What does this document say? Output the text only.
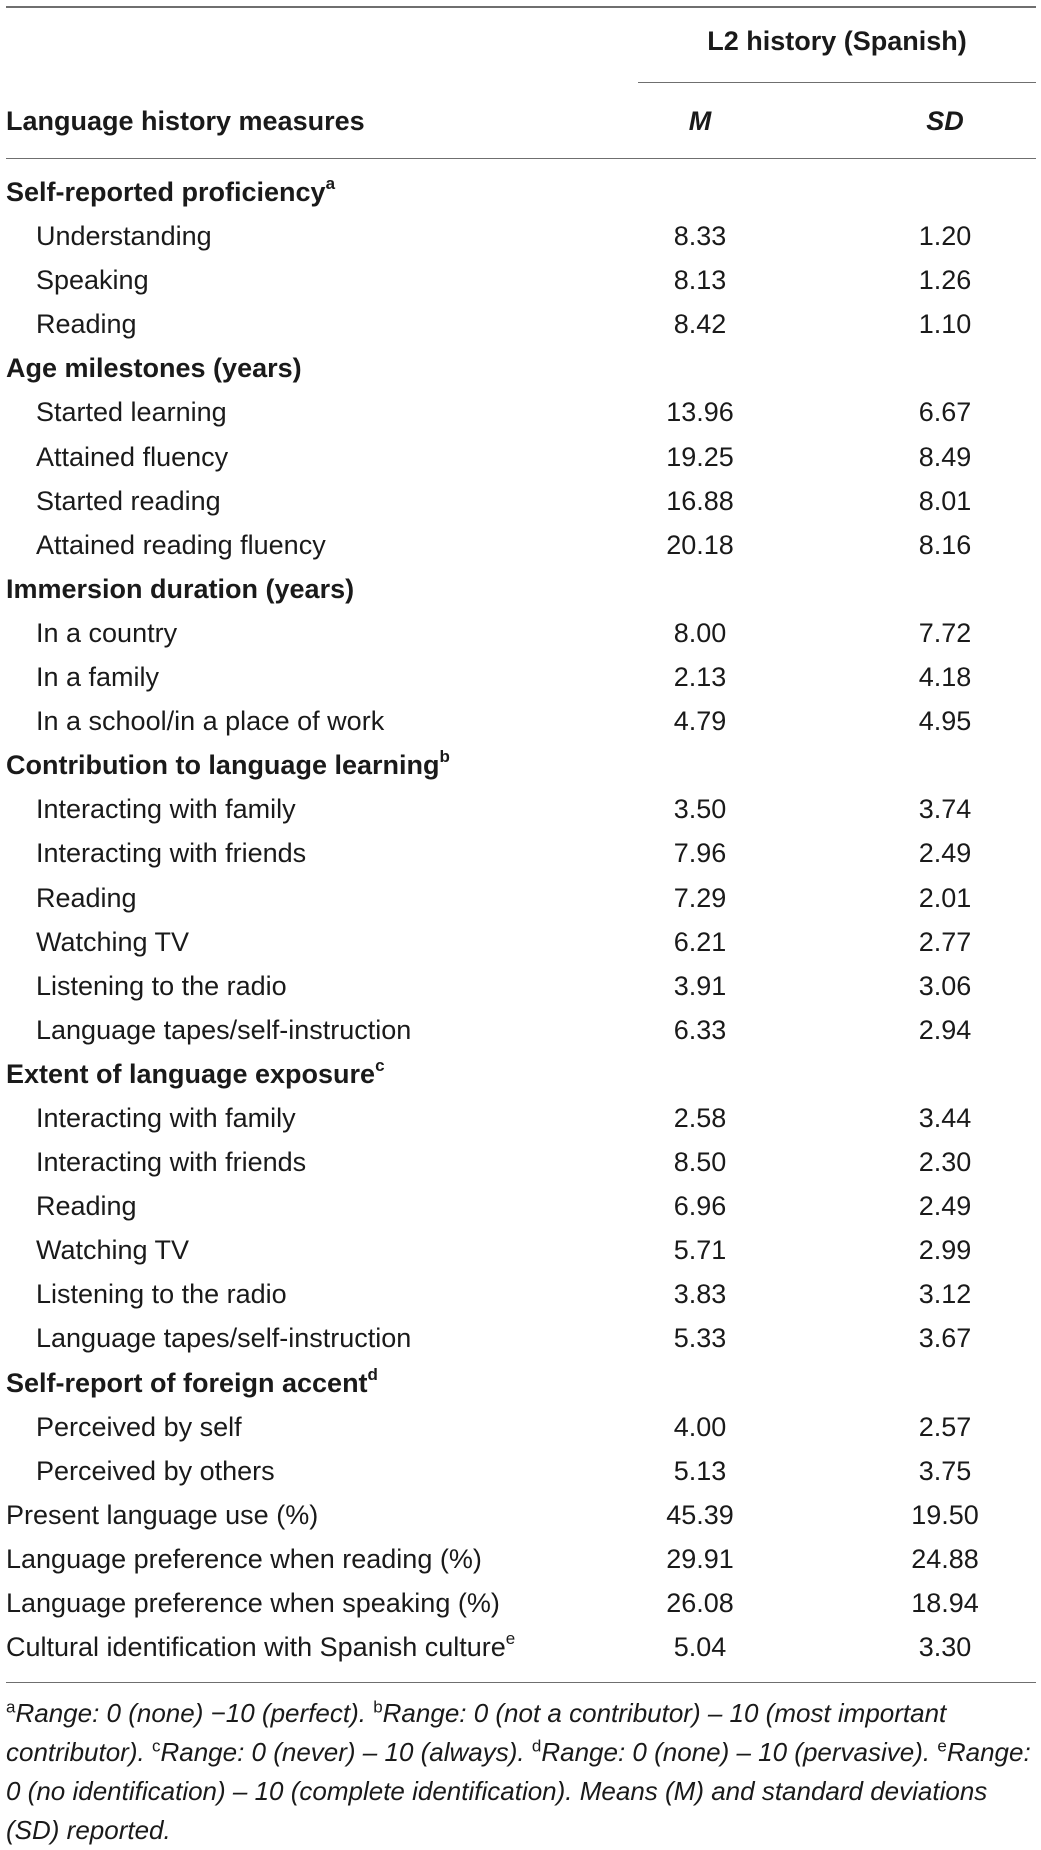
L2 history (Spanish)
Language history measures	M	SD
Self-reported proficiency$^a$
Understanding	8.33	1.20
Speaking	8.13	1.26
Reading	8.42	1.10
Age milestones (years)
Started learning	13.96	6.67
Attained fluency	19.25	8.49
Started reading	16.88	8.01
Attained reading fluency	20.18	8.16
Immersion duration (years)
In a country	8.00	7.72
In a family	2.13	4.18
In a school/in a place of work	4.79	4.95
Contribution to language learning$^b$
Interacting with family	3.50	3.74
Interacting with friends	7.96	2.49
Reading	7.29	2.01
Watching TV	6.21	2.77
Listening to the radio	3.91	3.06
Language tapes/self-instruction	6.33	2.94
Extent of language exposure$^c$
Interacting with family	2.58	3.44
Interacting with friends	8.50	2.30
Reading	6.96	2.49
Watching TV	5.71	2.99
Listening to the radio	3.83	3.12
Language tapes/self-instruction	5.33	3.67
Self-report of foreign accent$^d$
Perceived by self	4.00	2.57
Perceived by others	5.13	3.75
Present language use (%)	45.39	19.50
Language preference when reading (%)	29.91	24.88
Language preference when speaking (%)	26.08	18.94
Cultural identification with Spanish culture$^e$	5.04	3.30
$^a$Range: 0 (none) −10 (perfect). $^b$Range: 0 (not a contributor) – 10 (most important contributor). $^c$Range: 0 (never) – 10 (always). $^d$Range: 0 (none) – 10 (pervasive). $^e$Range: 0 (no identification) – 10 (complete identification). Means (M) and standard deviations (SD) reported.
